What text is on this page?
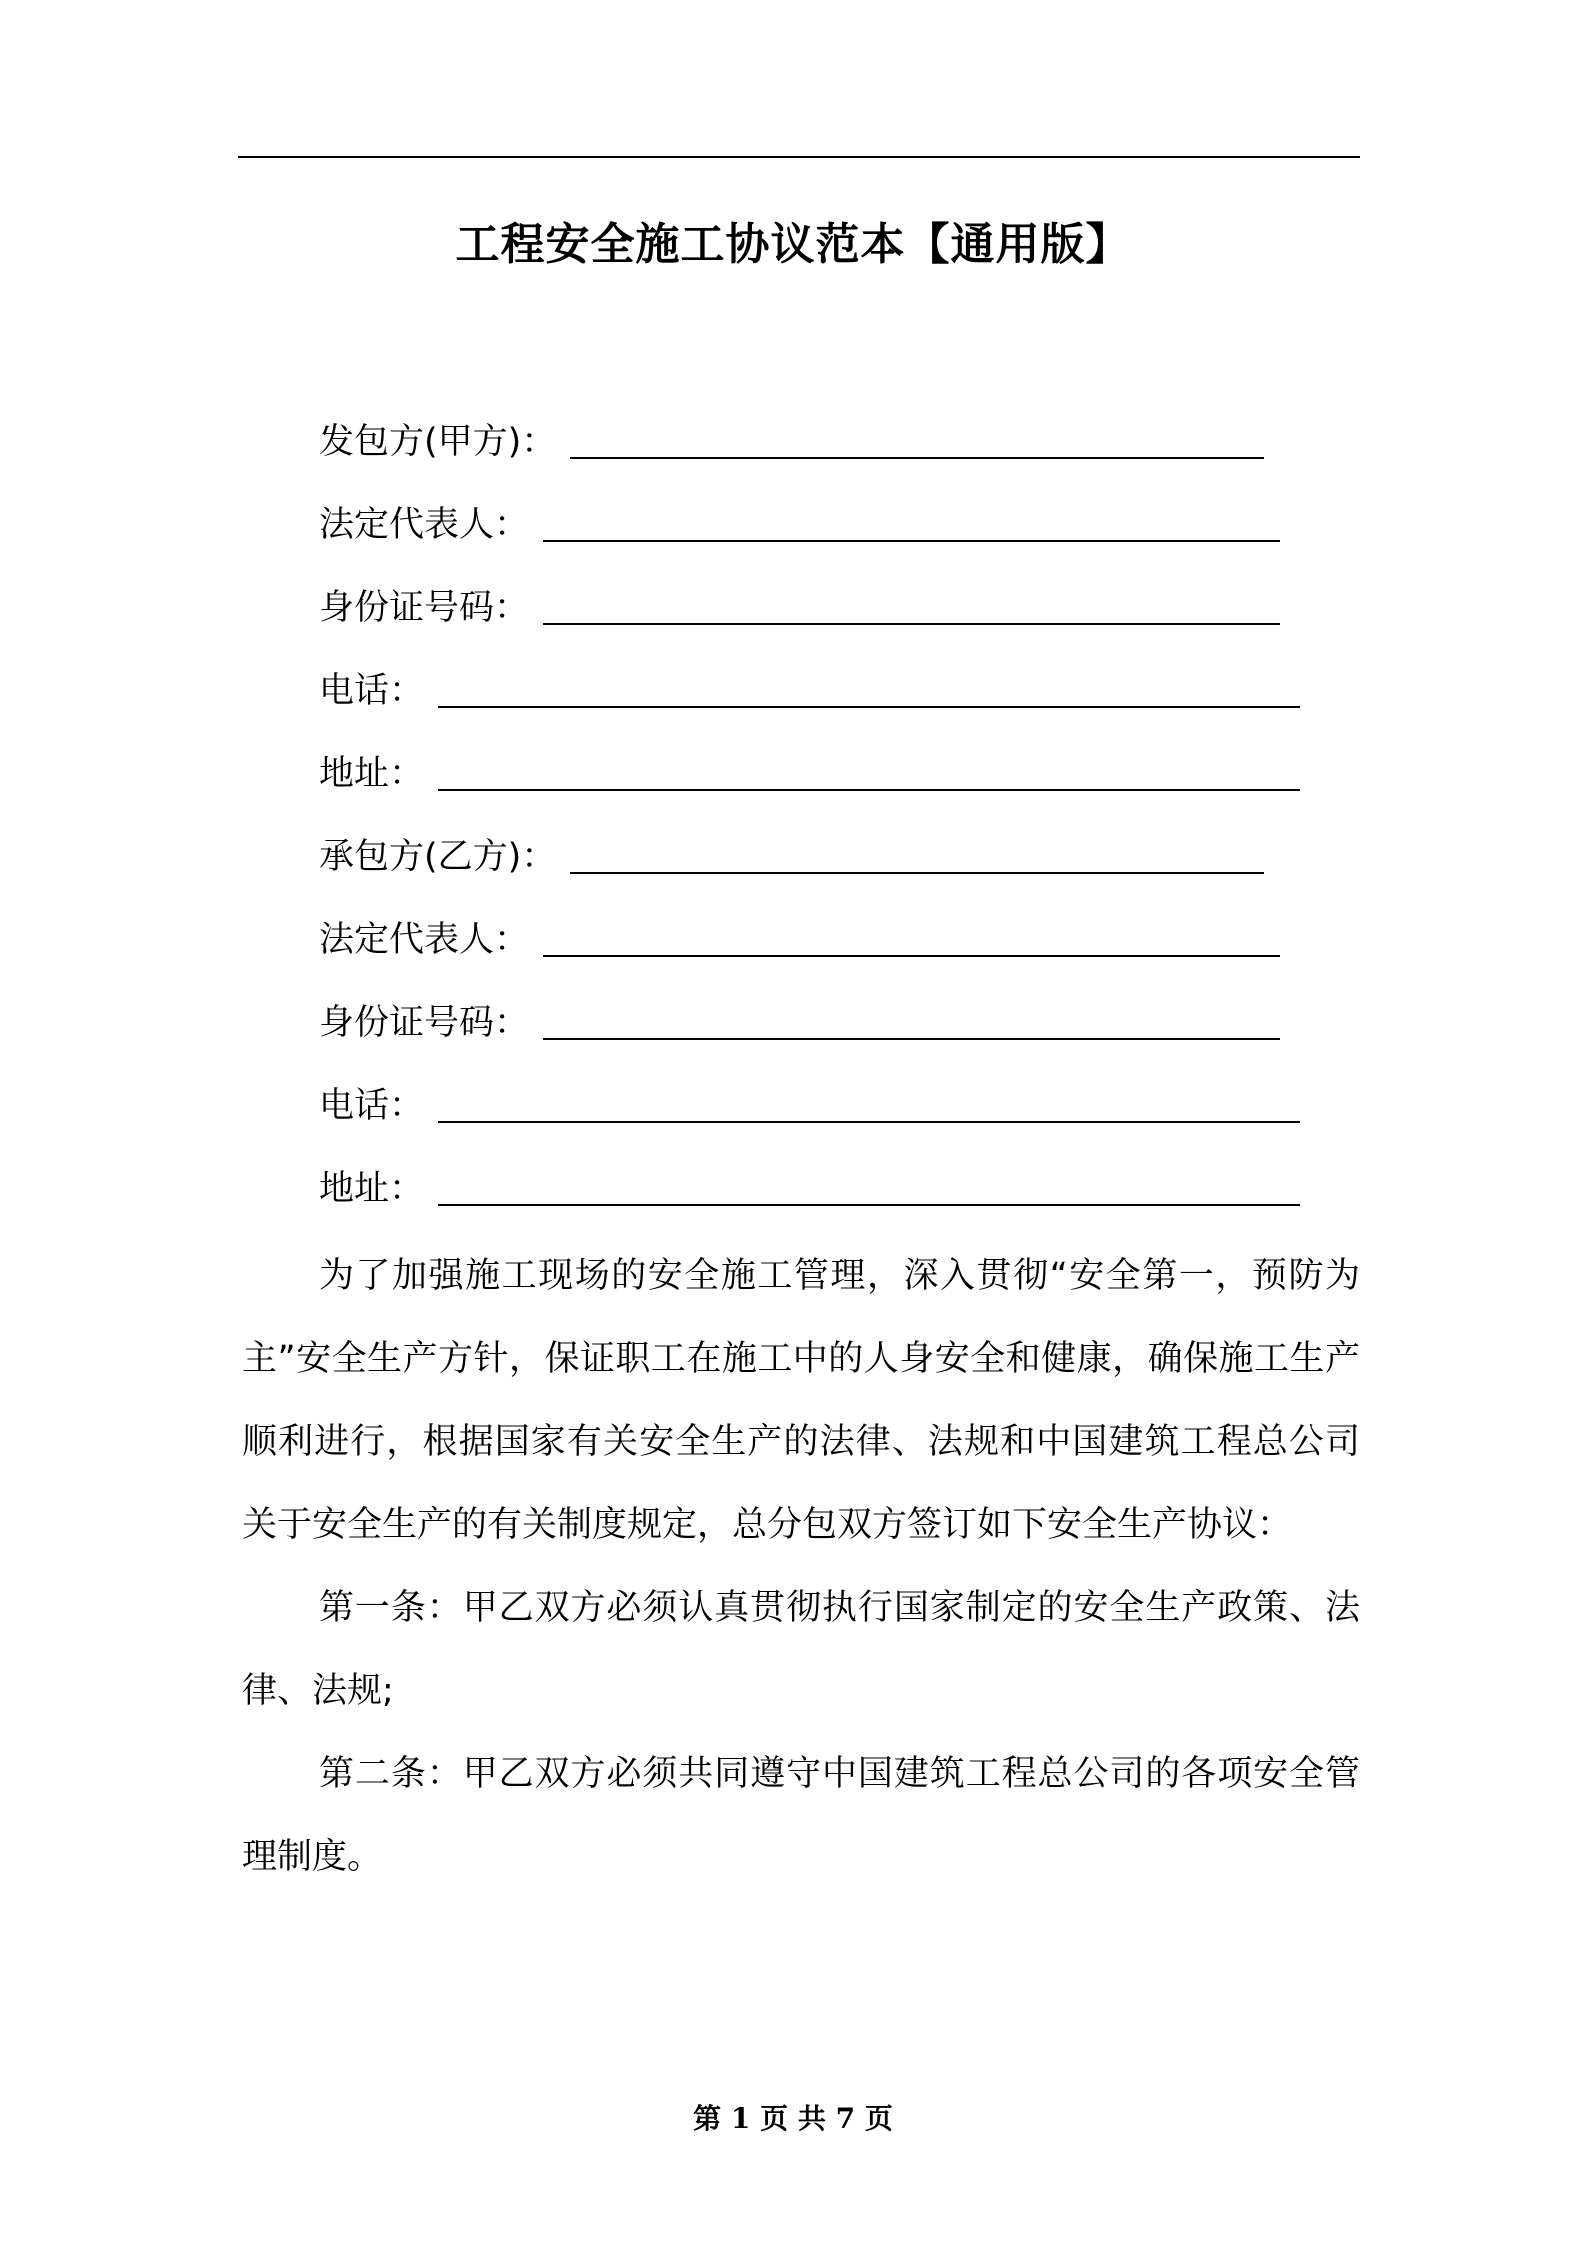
工程安全施工协议范本【通用版】
发包方(甲方)：
法定代表人：
身份证号码：
电话：
地址：
承包方(乙方)：
法定代表人：
身份证号码：
电话：
地址：

为了加强施工现场的安全施工管理，深入贯彻“安全第一，预防为主”安全生产方针，保证职工在施工中的人身安全和健康，确保施工生产顺利进行，根据国家有关安全生产的法律、法规和中国建筑工程总公司关于安全生产的有关制度规定，总分包双方签订如下安全生产协议：

第一条：甲乙双方必须认真贯彻执行国家制定的安全生产政策、法律、法规;

第二条：甲乙双方必须共同遵守中国建筑工程总公司的各项安全管理制度。

第 1 页 共 7 页
